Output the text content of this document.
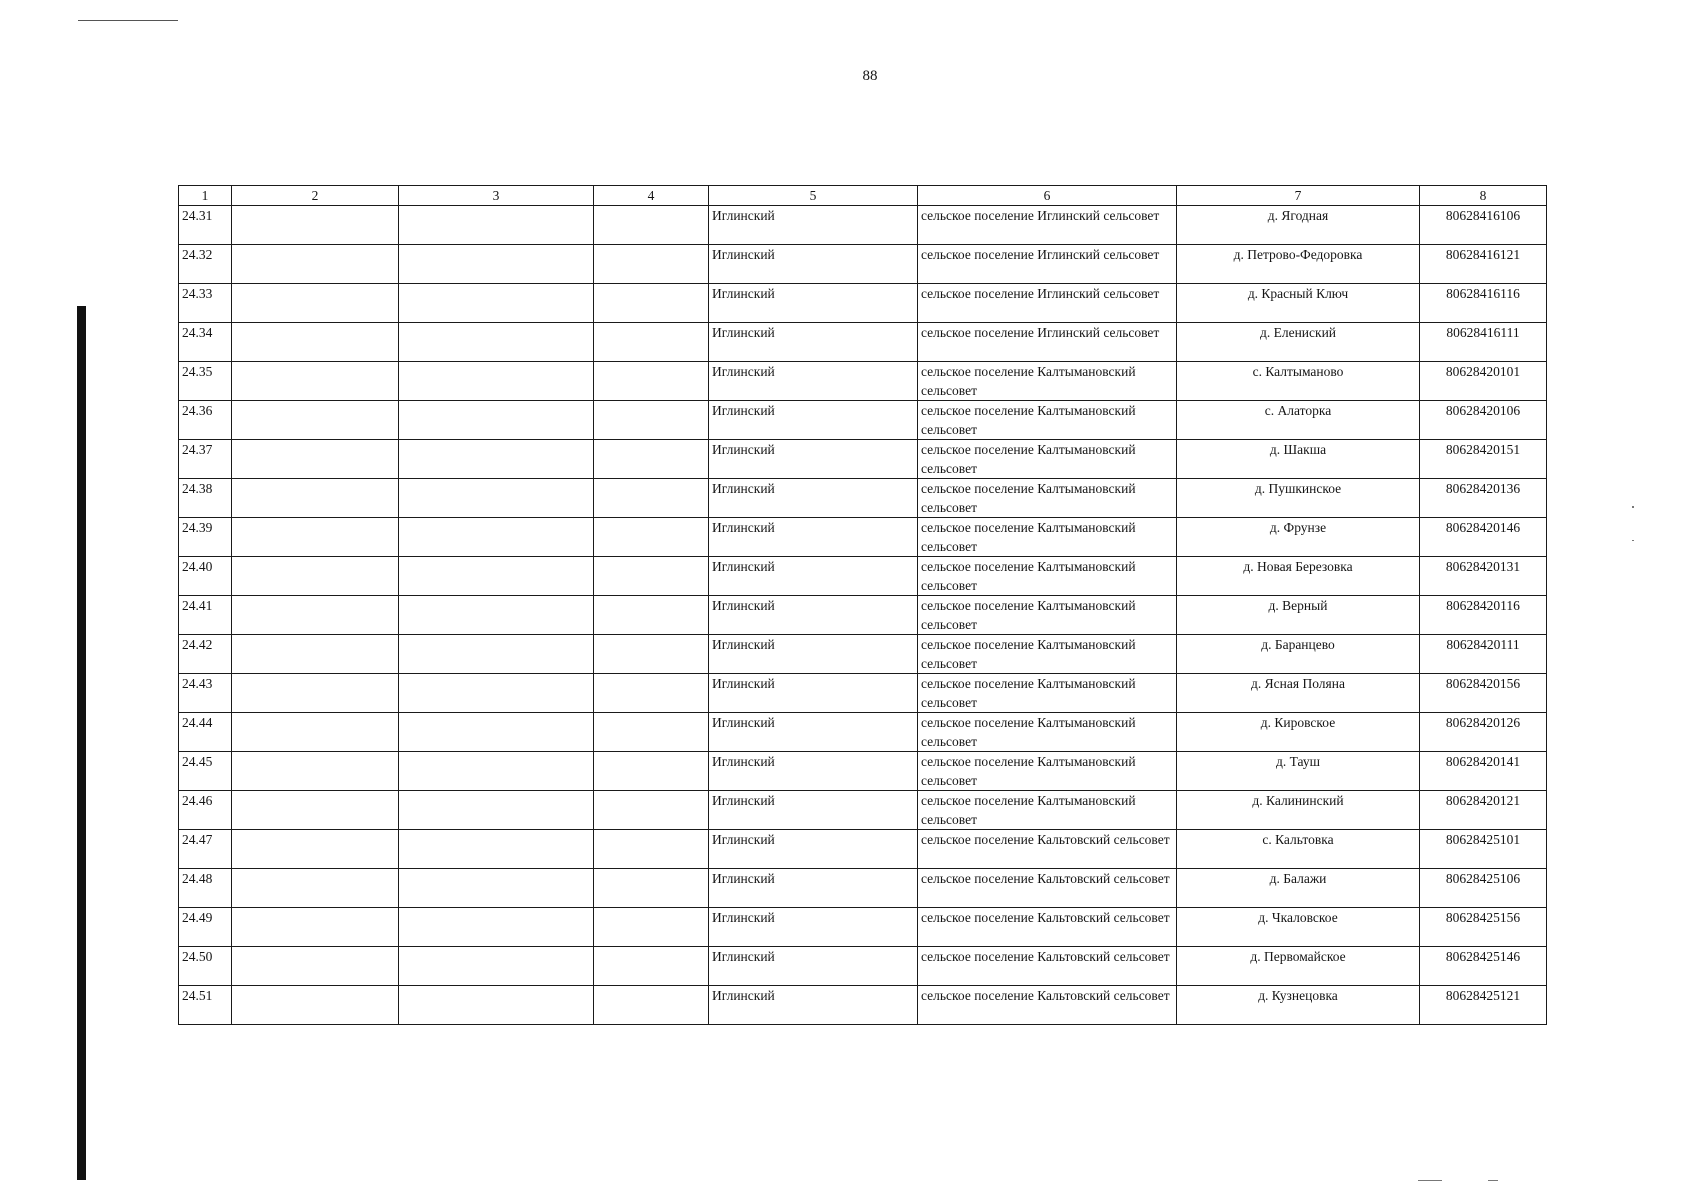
88
1	2	3	4	5	6	7	8
24.31				Иглинский	сельское поселение Иглинский сельсовет	д. Ягодная	80628416106
24.32				Иглинский	сельское поселение Иглинский сельсовет	д. Петрово-Федоровка	80628416121
24.33				Иглинский	сельское поселение Иглинский сельсовет	д. Красный Ключ	80628416116
24.34				Иглинский	сельское поселение Иглинский сельсовет	д. Елениский	80628416111
24.35				Иглинский	сельское поселение Калтымановский сельсовет	с. Калтыманово	80628420101
24.36				Иглинский	сельское поселение Калтымановский сельсовет	с. Алаторка	80628420106
24.37				Иглинский	сельское поселение Калтымановский сельсовет	д. Шакша	80628420151
24.38				Иглинский	сельское поселение Калтымановский сельсовет	д. Пушкинское	80628420136
24.39				Иглинский	сельское поселение Калтымановский сельсовет	д. Фрунзе	80628420146
24.40				Иглинский	сельское поселение Калтымановский сельсовет	д. Новая Березовка	80628420131
24.41				Иглинский	сельское поселение Калтымановский сельсовет	д. Верный	80628420116
24.42				Иглинский	сельское поселение Калтымановский сельсовет	д. Баранцево	80628420111
24.43				Иглинский	сельское поселение Калтымановский сельсовет	д. Ясная Поляна	80628420156
24.44				Иглинский	сельское поселение Калтымановский сельсовет	д. Кировское	80628420126
24.45				Иглинский	сельское поселение Калтымановский сельсовет	д. Тауш	80628420141
24.46				Иглинский	сельское поселение Калтымановский сельсовет	д. Калининский	80628420121
24.47				Иглинский	сельское поселение Кальтовский сельсовет	с. Кальтовка	80628425101
24.48				Иглинский	сельское поселение Кальтовский сельсовет	д. Балажи	80628425106
24.49				Иглинский	сельское поселение Кальтовский сельсовет	д. Чкаловское	80628425156
24.50				Иглинский	сельское поселение Кальтовский сельсовет	д. Первомайское	80628425146
24.51				Иглинский	сельское поселение Кальтовский сельсовет	д. Кузнецовка	80628425121
